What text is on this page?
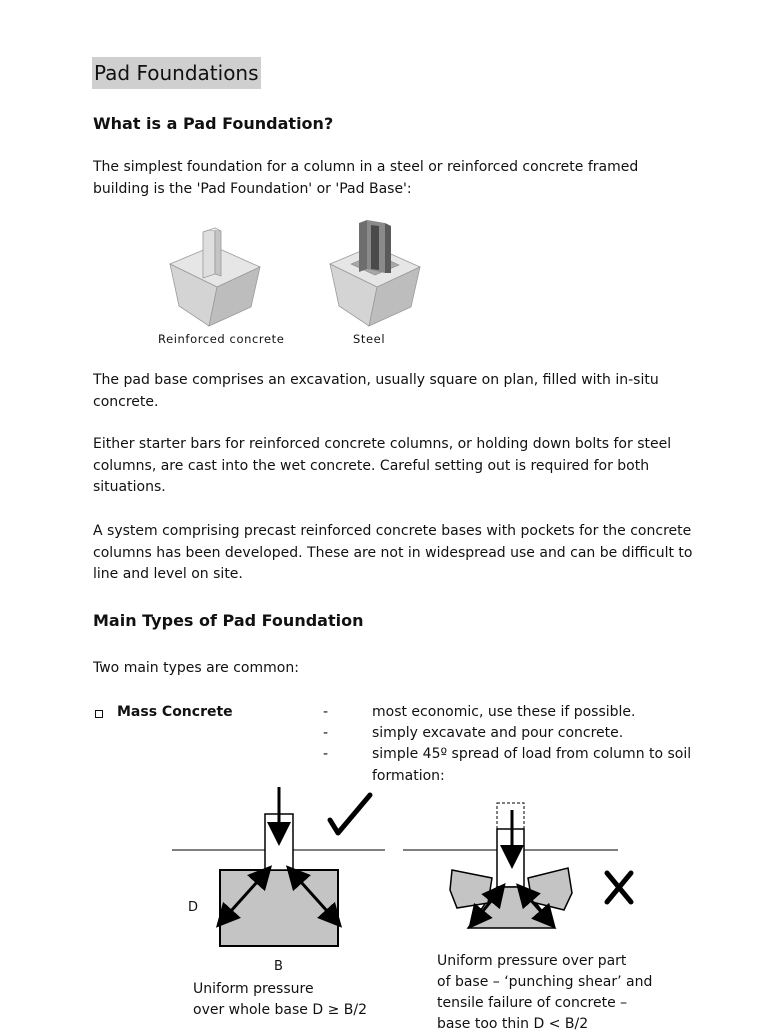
Pad Foundations
What is a Pad Foundation?

The simplest foundation for a column in a steel or reinforced concrete framed building is the 'Pad Foundation' or 'Pad Base':

Reinforced concrete	Steel

The pad base comprises an excavation, usually square on plan, filled with in-situ concrete.

Either starter bars for reinforced concrete columns, or holding down bolts for steel columns, are cast into the wet concrete. Careful setting out is required for both situations.

A system comprising precast reinforced concrete bases with pockets for the concrete columns has been developed. These are not in widespread use and can be difficult to line and level on site.

Main Types of Pad Foundation

Two main types are common:

Mass Concrete	-
-
-
most economic, use these if possible.
simply excavate and pour concrete.
simple 45º spread of load from column to soil formation:
D
B
Uniform pressure
over whole base D ≥ B/2
Uniform pressure over part
of base – ‘punching shear’ and
tensile failure of concrete –
base too thin D < B/2
